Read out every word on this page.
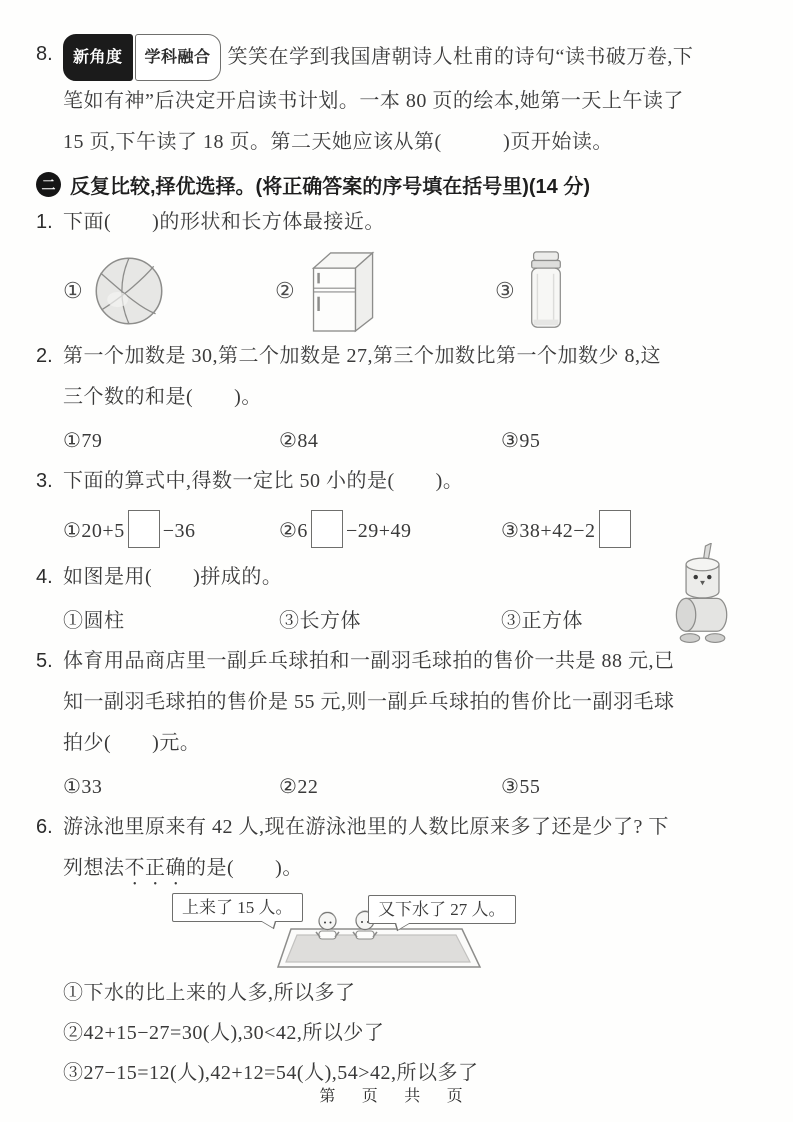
8.	新角度	学科融合 笑笑在学到我国唐朝诗人杜甫的诗句“读书破万卷,下
笔如有神”后决定开启读书计划。一本 80 页的绘本,她第一天上午读了
15 页,下午读了 18 页。第二天她应该从第(　　　)页开始读。
二 反复比较,择优选择。(将正确答案的序号填在括号里)(14 分)
1. 下面(　　)的形状和长方体最接近。
①	②	③
2. 第一个加数是 30,第二个加数是 27,第三个加数比第一个加数少 8,这
三个数的和是(　　)。
①79	②84	③95
3. 下面的算式中,得数一定比 50 小的是(　　)。
①20+5 −36	②6 −29+49	③38+42−2
4. 如图是用(　　)拼成的。
①圆柱	③长方体	③正方体
5. 体育用品商店里一副乒乓球拍和一副羽毛球拍的售价一共是 88 元,已
知一副羽毛球拍的售价是 55 元,则一副乒乓球拍的售价比一副羽毛球
拍少(　　)元。
①33	②22	③55
6. 游泳池里原来有 42 人,现在游泳池里的人数比原来多了还是少了? 下
列想法不正确的是(　　)。
上来了 15 人。	又下水了 27 人。
①下水的比上来的人多,所以多了
②42+15−27=30(人),30<42,所以少了
③27−15=12(人),42+12=54(人),54>42,所以多了
第 页 共 页
